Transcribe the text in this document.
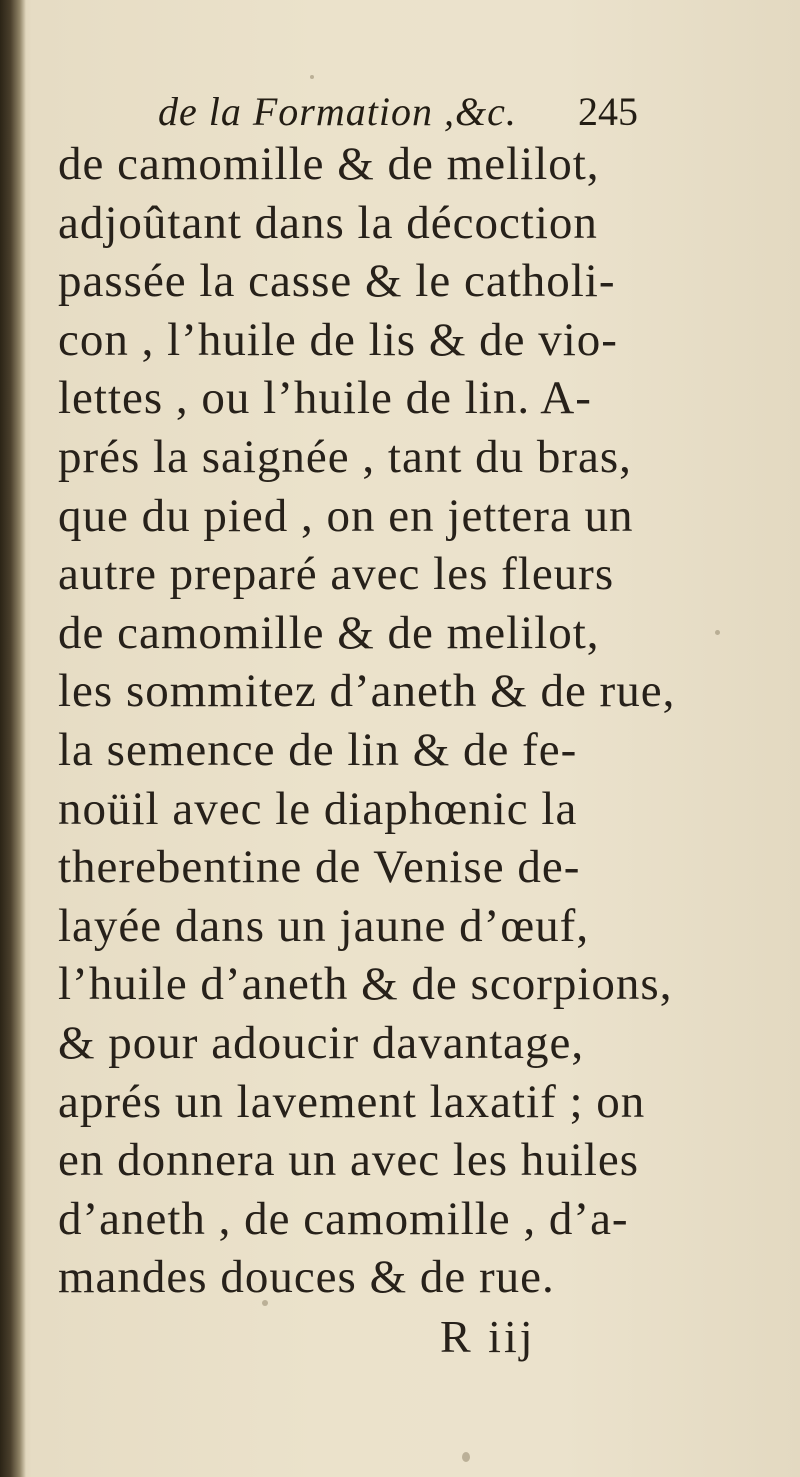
de la Formation ,&c. 245
de camomille & de melilot,
adjoûtant dans la décoction
passée la casse & le catholi-
con , l’huile de lis & de vio-
lettes , ou l’huile de lin. A-
prés la saignée , tant du bras,
que du pied , on en jettera un
autre preparé avec les fleurs
de camomille & de melilot,
les sommitez d’aneth & de rue,
la semence de lin & de fe-
noüil avec le diaphœnic la
therebentine de Venise de-
layée dans un jaune d’œuf,
l’huile d’aneth & de scorpions,
& pour adoucir davantage,
aprés un lavement laxatif ; on
en donnera un avec les huiles
d’aneth , de camomille , d’a-
mandes douces & de rue.
R iij
